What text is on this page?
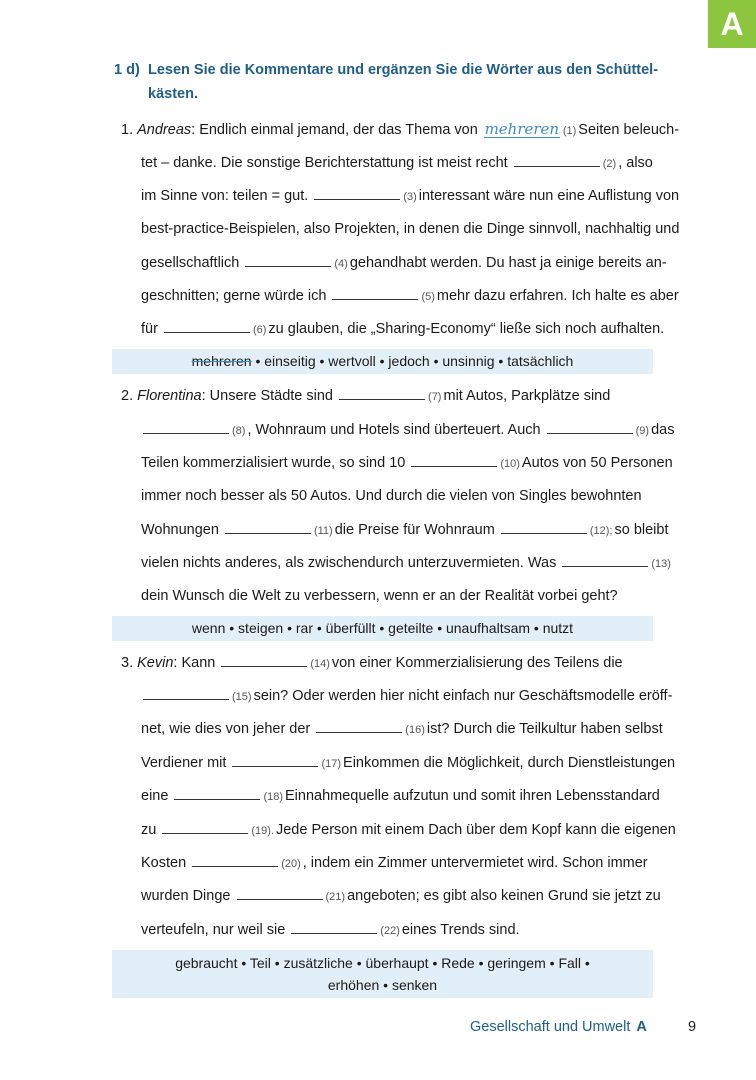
A
1 d) Lesen Sie die Kommentare und ergänzen Sie die Wörter aus den Schüttel-
kästen.
1. Andreas: Endlich einmal jemand, der das Thema von mehreren (1) Seiten beleuch-
tet – danke. Die sonstige Berichterstattung ist meist recht	(2) , also
im Sinne von: teilen = gut.	(3) interessant wäre nun eine Auflistung von
best-practice-Beispielen, also Projekten, in denen die Dinge sinnvoll, nachhaltig und
gesellschaftlich	(4) gehandhabt werden. Du hast ja einige bereits an-
geschnitten; gerne würde ich	(5) mehr dazu erfahren. Ich halte es aber
für	(6) zu glauben, die „Sharing-Economy“ ließe sich noch aufhalten.
mehreren • einseitig • wertvoll • jedoch • unsinnig • tatsächlich
2. Florentina: Unsere Städte sind	(7) mit Autos, Parkplätze sind
(8) , Wohnraum und Hotels sind überteuert. Auch	(9) das
Teilen kommerzialisiert wurde, so sind 10	(10) Autos von 50 Personen
immer noch besser als 50 Autos. Und durch die vielen von Singles bewohnten
Wohnungen	(11) die Preise für Wohnraum	(12); so bleibt
vielen nichts anderes, als zwischendurch unterzuvermieten. Was	(13)
dein Wunsch die Welt zu verbessern, wenn er an der Realität vorbei geht?
wenn • steigen • rar • überfüllt • geteilte • unaufhaltsam • nutzt
3. Kevin: Kann	(14) von einer Kommerzialisierung des Teilens die
(15) sein? Oder werden hier nicht einfach nur Geschäftsmodelle eröff-
net, wie dies von jeher der	(16) ist? Durch die Teilkultur haben selbst
Verdiener mit	(17) Einkommen die Möglichkeit, durch Dienstleistungen
eine	(18) Einnahmequelle aufzutun und somit ihren Lebensstandard
zu	(19). Jede Person mit einem Dach über dem Kopf kann die eigenen
Kosten	(20) , indem ein Zimmer untervermietet wird. Schon immer
wurden Dinge	(21) angeboten; es gibt also keinen Grund sie jetzt zu
verteufeln, nur weil sie	(22) eines Trends sind.
gebraucht • Teil • zusätzliche • überhaupt • Rede • geringem • Fall •
erhöhen • senken
Gesellschaft und Umwelt A	9
